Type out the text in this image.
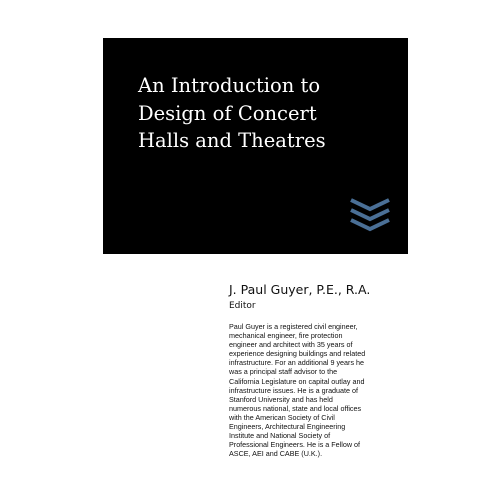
An Introduction to
Design of Concert
Halls and Theatres
J. Paul Guyer, P.E., R.A.
Editor
Paul Guyer is a registered civil engineer,
mechanical engineer, fire protection
engineer and architect with 35 years of
experience designing buildings and related
infrastructure. For an additional 9 years he
was a principal staff advisor to the
California Legislature on capital outlay and
infrastructure issues. He is a graduate of
Stanford University and has held
numerous national, state and local offices
with the American Society of Civil
Engineers, Architectural Engineering
Institute and National Society of
Professional Engineers. He is a Fellow of
ASCE, AEI and CABE (U.K.).
